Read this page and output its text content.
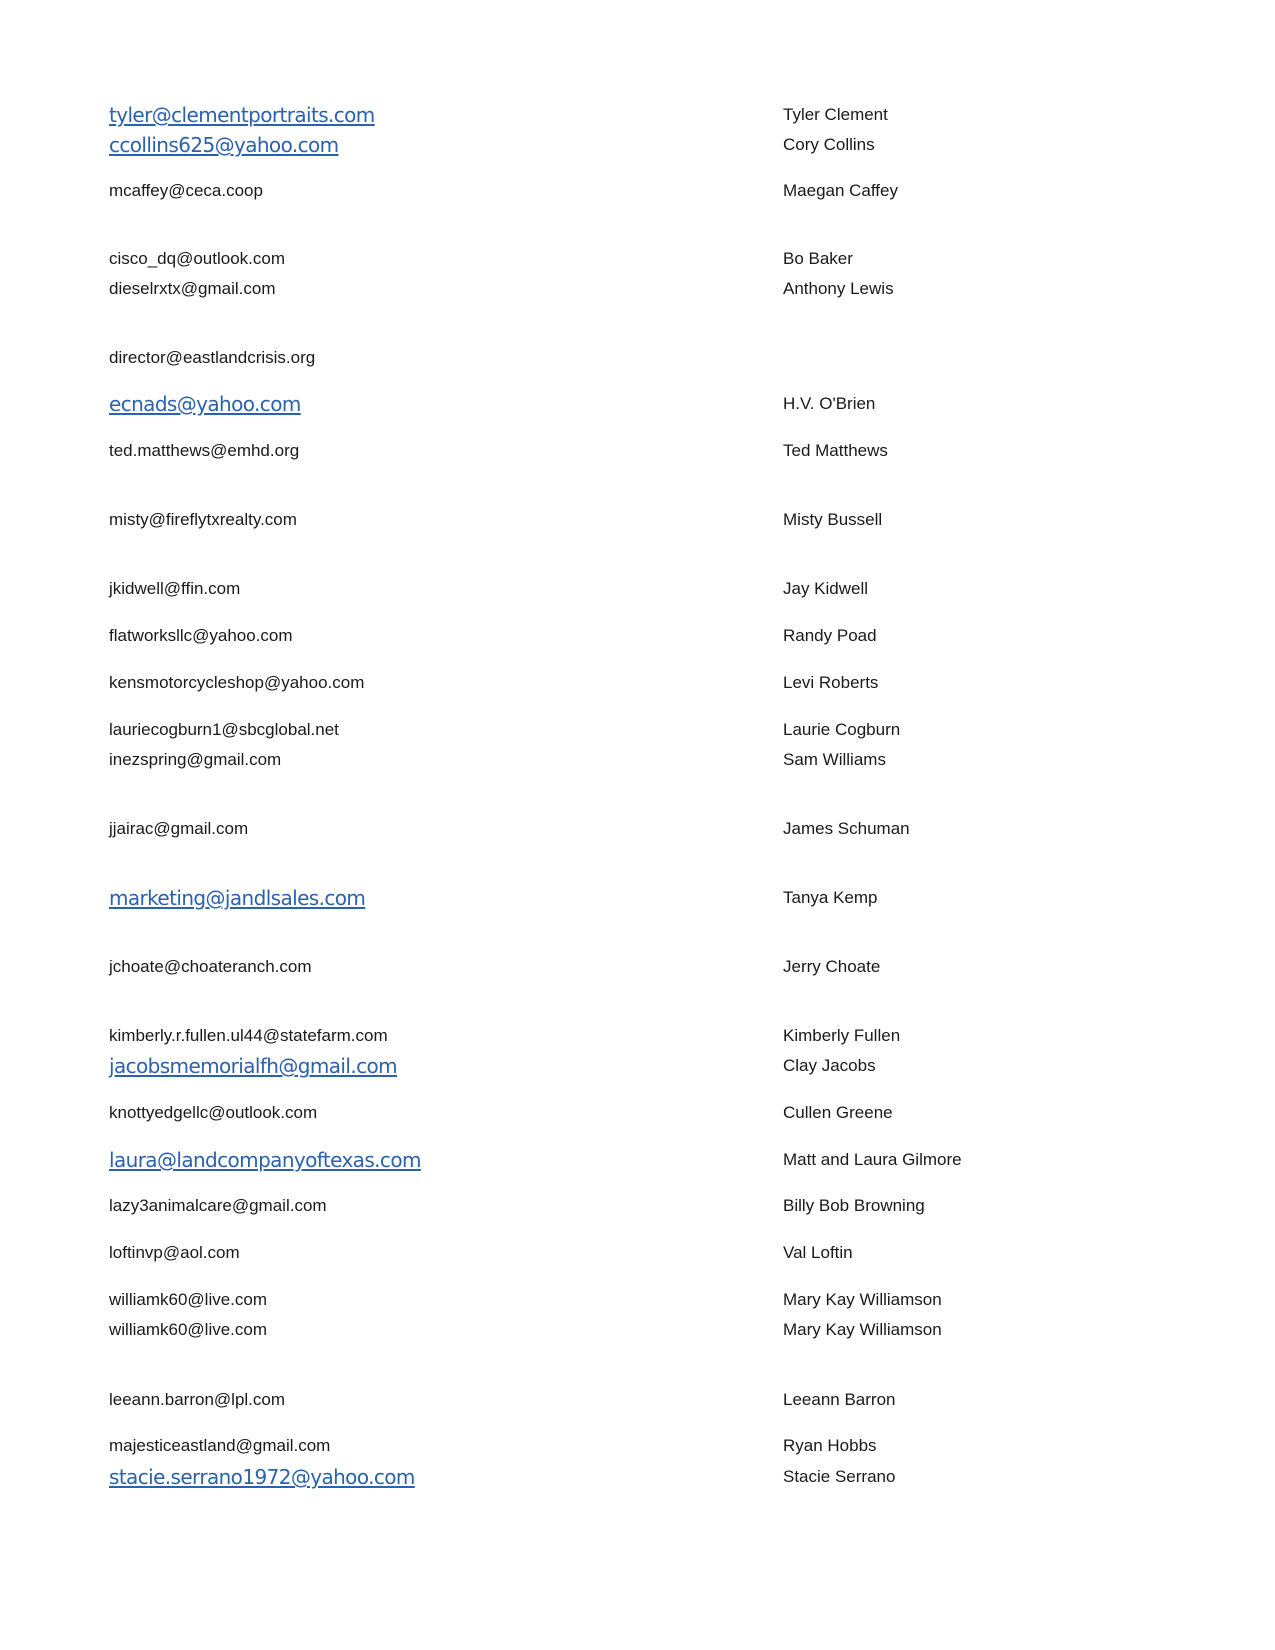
tyler@clementportraits.com	Tyler Clement
ccollins625@yahoo.com	Cory Collins
mcaffey@ceca.coop	Maegan Caffey
cisco_dq@outlook.com	Bo Baker
dieselrxtx@gmail.com	Anthony Lewis
director@eastlandcrisis.org
ecnads@yahoo.com	H.V. O'Brien
ted.matthews@emhd.org	Ted Matthews
misty@fireflytxrealty.com	Misty Bussell
jkidwell@ffin.com	Jay Kidwell
flatworksllc@yahoo.com	Randy Poad
kensmotorcycleshop@yahoo.com	Levi Roberts
lauriecogburn1@sbcglobal.net	Laurie Cogburn
inezspring@gmail.com	Sam Williams
jjairac@gmail.com	James Schuman
marketing@jandlsales.com	Tanya Kemp
jchoate@choateranch.com	Jerry Choate
kimberly.r.fullen.ul44@statefarm.com	Kimberly Fullen
jacobsmemorialfh@gmail.com	Clay Jacobs
knottyedgellc@outlook.com	Cullen Greene
laura@landcompanyoftexas.com	Matt and Laura Gilmore
lazy3animalcare@gmail.com	Billy Bob Browning
loftinvp@aol.com	Val Loftin
williamk60@live.com	Mary Kay Williamson
williamk60@live.com	Mary Kay Williamson
leeann.barron@lpl.com	Leeann Barron
majesticeastland@gmail.com	Ryan Hobbs
stacie.serrano1972@yahoo.com	Stacie Serrano
